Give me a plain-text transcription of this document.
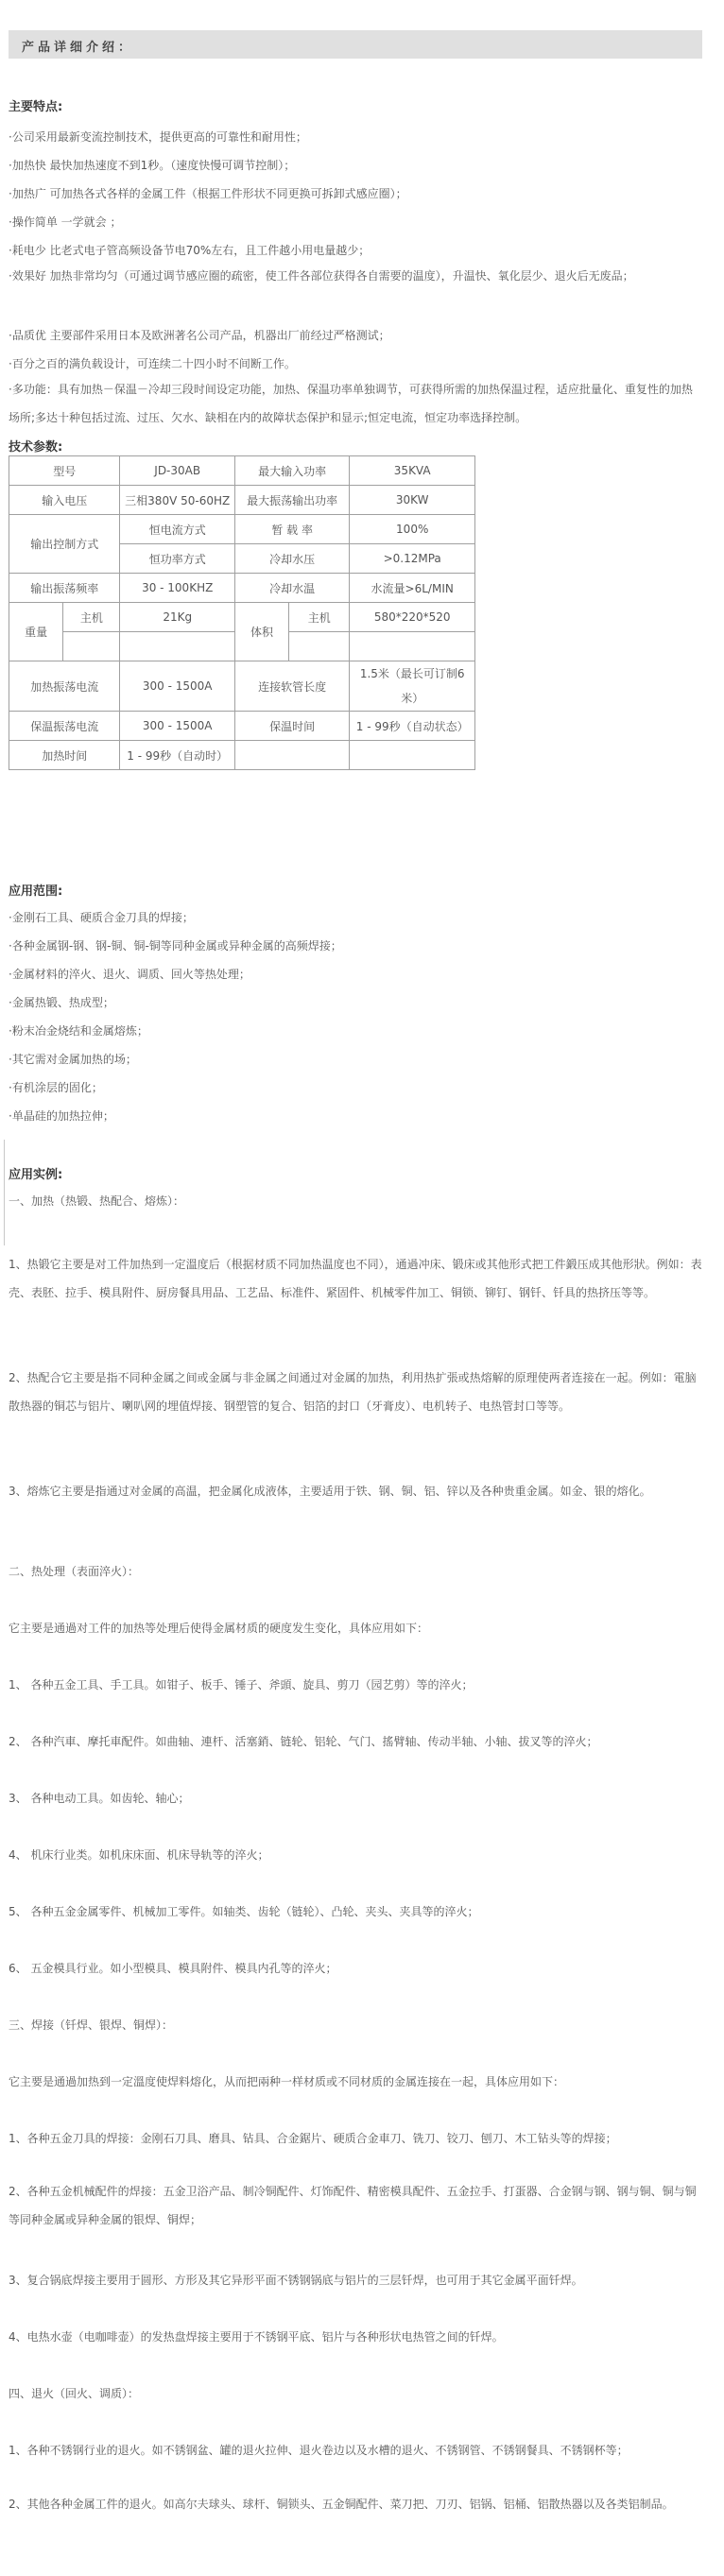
产品详细介绍：
主要特点:
·公司采用最新变流控制技术，提供更高的可靠性和耐用性；
·加热快 最快加热速度不到1秒。（速度快慢可调节控制）；
·加热广 可加热各式各样的金属工件（根据工件形状不同更换可拆卸式感应圈）；
·操作简单 一学就会 ；
·耗电少 比老式电子管高频设备节电70%左右，且工件越小用电量越少；
·效果好 加热非常均匀（可通过调节感应圈的疏密，使工件各部位获得各自需要的温度），升温快、氧化层少、退火后无废品；
·品质优 主要部件采用日本及欧洲著名公司产品，机器出厂前经过严格测试；
·百分之百的满负载设计，可连续二十四小时不间断工作。
·多功能：具有加热－保温－冷却三段时间设定功能，加热、保温功率单独调节，可获得所需的加热保温过程，适应批量化、重复性的加热场所;多达十种包括过流、过压、欠水、缺相在内的故障状态保护和显示;恒定电流，恒定功率选择控制。
技术参数:
型号		JD-30AB	最大输入功率		35KVA
输入电压		三相380V 50-60HZ	最大振荡输出功率		30KW
输出控制方式		恒电流方式	暂 载 率		100%
		恒功率方式	冷却水压		>0.12MPa
输出振荡频率		30 - 100KHZ	冷却水温		水流量>6L/MIN
重量	主机	21Kg	体积	主机	580*220*520

加热振荡电流		300 - 1500A	连接软管长度		1.5米（最长可订制6米）
保温振荡电流		300 - 1500A	保温时间		1 - 99秒（自动状态）
加热时间		1 - 99秒（自动时）			
应用范围:
·金刚石工具、硬质合金刀具的焊接；
·各种金属钢-钢、钢-铜、铜-铜等同种金属或异种金属的高频焊接；
·金属材料的淬火、退火、调质、回火等热处理；
·金属热锻、热成型；
·粉末冶金烧结和金属熔炼；
·其它需对金属加热的场；
·有机涂层的固化；
·单晶硅的加热拉伸；
应用实例:
一、加热（热锻、热配合、熔炼）：
1、热锻它主要是对工件加热到一定溫度后（根据材质不同加热温度也不同），通過冲床、锻床或其他形式把工件鍛压成其他形狀。例如：表壳、表胚、拉手、模具附件、厨房餐具用品、工艺品、标准件、紧固件、机械零件加工、铜锁、铆钉、钢钎、钎具的热挤压等等。
2、热配合它主要是指不同种金属之间或金属与非金属之间通过对金属的加热，利用热扩張或热熔解的原理使两者连接在一起。例如：電脑散热器的铜芯与铝片、喇叭网的埋值焊接、钢塑管的复合、铝箔的封口（牙膏皮）、电机转子、电热管封口等等。
3、熔炼它主要是指通过对金属的高温，把金属化成液体，主要适用于铁、钢、铜、铝、锌以及各种贵重金属。如金、银的熔化。
二、热处理（表面淬火）：
它主要是通過对工件的加热等处理后使得金属材质的硬度发生变化，具体应用如下：
1、 各种五金工具、手工具。如钳子、板手、锤子、斧頭、旋具、剪刀（园艺剪）等的淬火；
2、 各种汽車、摩托車配件。如曲轴、連杆、活塞銷、链轮、铝轮、气门、搖臂轴、传动半轴、小轴、拔叉等的淬火；
3、 各种电动工具。如齿轮、轴心；
4、 机床行业类。如机床床面、机床导轨等的淬火；
5、 各种五金金属零件、机械加工零件。如轴类、齿轮（链轮）、凸轮、夹头、夹具等的淬火；
6、 五金模具行业。如小型模具、模具附件、模具内孔等的淬火；
三、焊接（钎焊、银焊、铜焊）：
它主要是通過加热到一定溫度使焊料熔化，从而把兩种一样材质或不同材质的金属连接在一起，具体应用如下：
1、各种五金刀具的焊接：金刚石刀具、磨具、钻具、合金鋸片、硬质合金車刀、铣刀、铰刀、刨刀、木工钻头等的焊接；
2、各种五金机械配件的焊接：五金卫浴产品、制冷铜配件、灯饰配件、精密模具配件、五金拉手、打蛋器、合金钢与钢、钢与铜、铜与铜等同种金属或异种金属的银焊、铜焊；
3、复合锅底焊接主要用于圆形、方形及其它异形平面不锈钢锅底与铝片的三层钎焊，也可用于其它金属平面钎焊。
4、电热水壶（电咖啡壶）的发热盘焊接主要用于不锈钢平底、铝片与各种形状电热管之间的钎焊。
四、退火（回火、调质）：
1、各种不锈钢行业的退火。如不锈钢盆、罐的退火拉伸、退火卷边以及水槽的退火、不锈钢管、不锈钢餐具、不锈钢杯等；
2、其他各种金属工件的退火。如高尔夫球头、球杆、铜锁头、五金铜配件、菜刀把、刀刃、铝锅、铝桶、铝散热器以及各类铝制品。
